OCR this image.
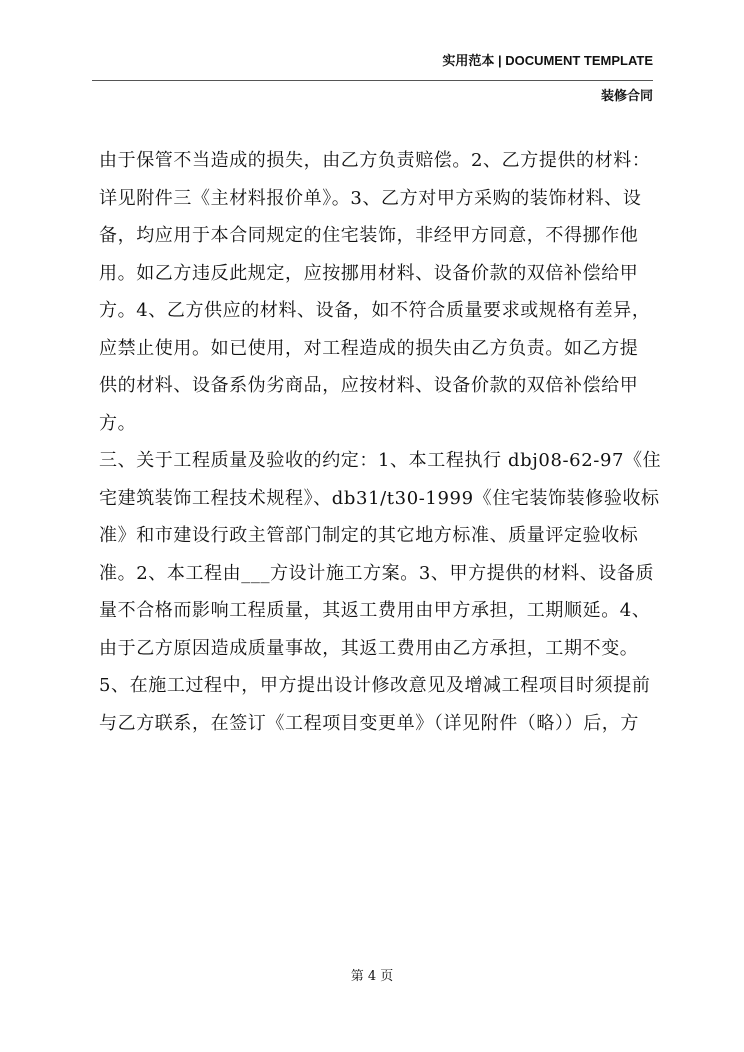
实用范本 | DOCUMENT TEMPLATE
装修合同

由于保管不当造成的损失，由乙方负责赔偿。2、乙方提供的材料：
详见附件三《主材料报价单》。3、乙方对甲方采购的装饰材料、设
备，均应用于本合同规定的住宅装饰，非经甲方同意，不得挪作他
用。如乙方违反此规定，应按挪用材料、设备价款的双倍补偿给甲
方。4、乙方供应的材料、设备，如不符合质量要求或规格有差异，
应禁止使用。如已使用，对工程造成的损失由乙方负责。如乙方提
供的材料、设备系伪劣商品，应按材料、设备价款的双倍补偿给甲
方。

三、关于工程质量及验收的约定：1、本工程执行 dbj08-62-97《住
宅建筑装饰工程技术规程》、db31/t30-1999《住宅装饰装修验收标
准》和市建设行政主管部门制定的其它地方标准、质量评定验收标
准。2、本工程由___方设计施工方案。3、甲方提供的材料、设备质
量不合格而影响工程质量，其返工费用由甲方承担，工期顺延。4、
由于乙方原因造成质量事故，其返工费用由乙方承担，工期不变。
5、在施工过程中，甲方提出设计修改意见及增减工程项目时须提前
与乙方联系，在签订《工程项目变更单》（详见附件（略））后，方

第 4 页
